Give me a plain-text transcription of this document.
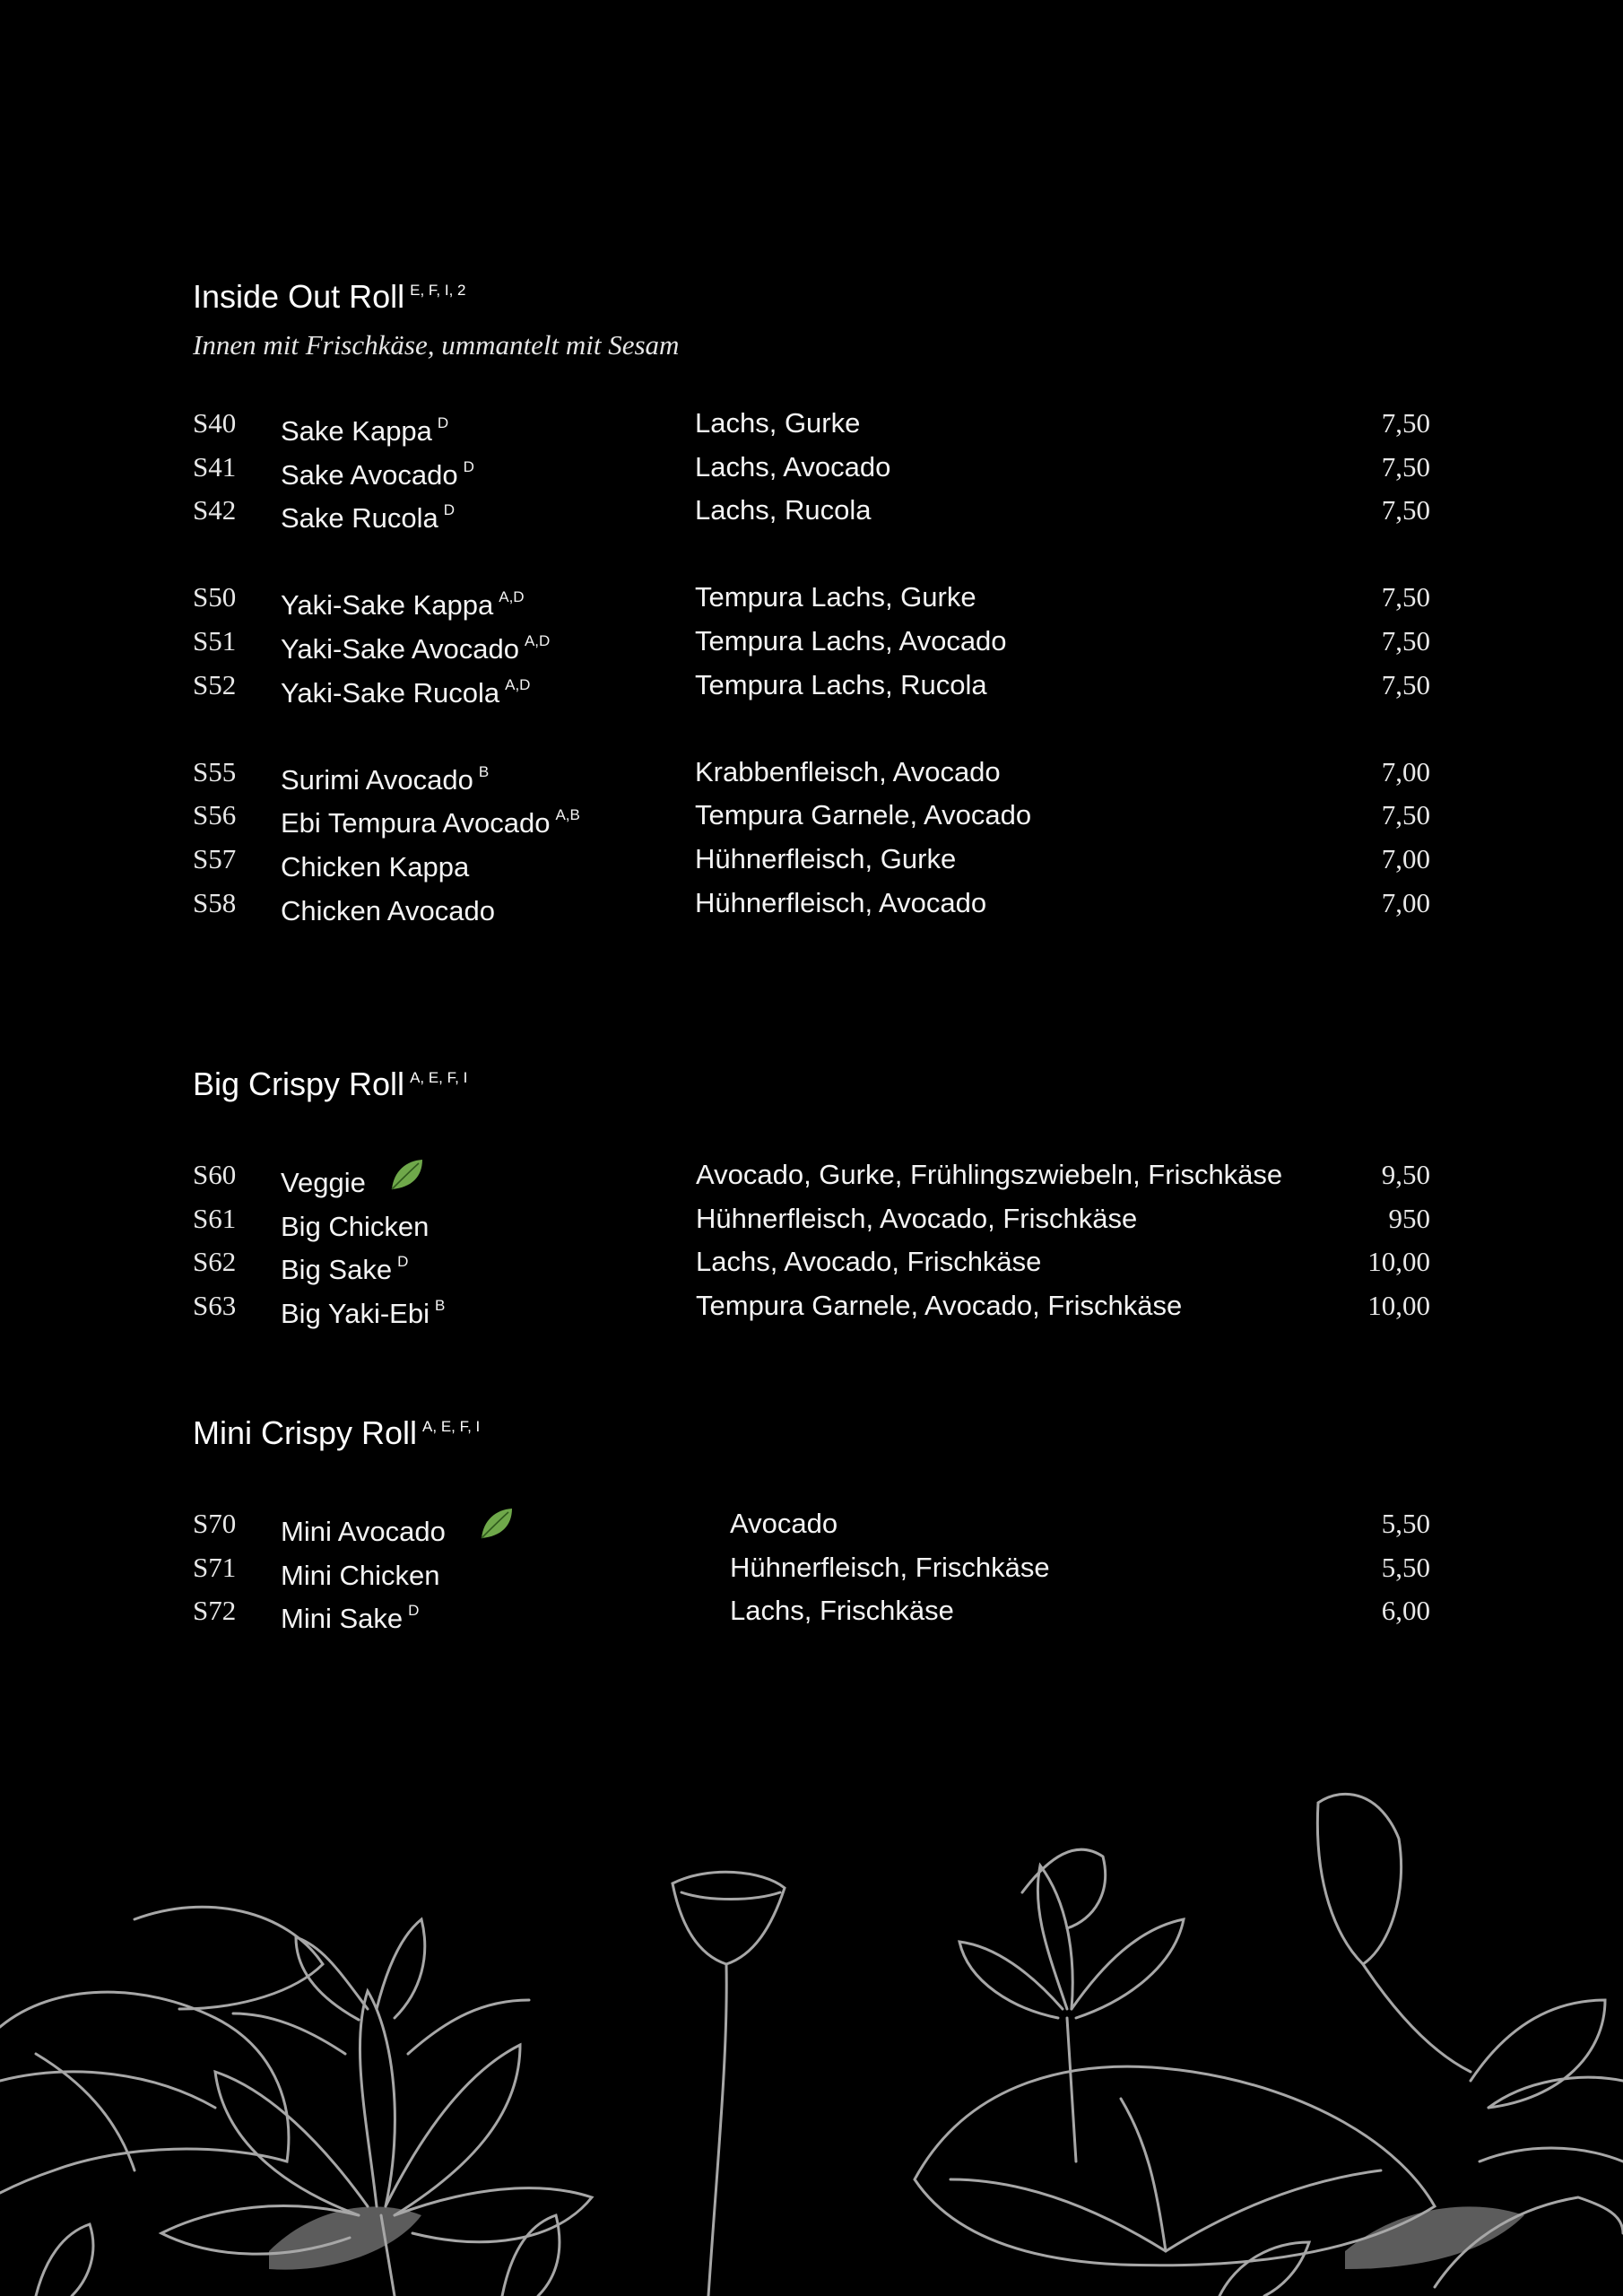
Inside Out Roll $^{E, F, I, 2}$
Innen mit Frischkäse, ummantelt mit Sesam
S40 Sake Kappa $^D$	Lachs, Gurke	7,50
S41 Sake Avocado $^D$	Lachs, Avocado	7,50
S42 Sake Rucola $^D$	Lachs, Rucola	7,50
S50 Yaki-Sake Kappa $^{A,D}$	Tempura Lachs, Gurke	7,50
S51 Yaki-Sake Avocado $^{A,D}$	Tempura Lachs, Avocado	7,50
S52 Yaki-Sake Rucola $^{A,D}$	Tempura Lachs, Rucola	7,50
S55 Surimi Avocado $^B$	Krabbenfleisch, Avocado	7,00
S56 Ebi Tempura Avocado $^{A,B}$	Tempura Garnele, Avocado	7,50
S57 Chicken Kappa	Hühnerfleisch, Gurke	7,00
S58 Chicken Avocado	Hühnerfleisch, Avocado	7,00
Big Crispy Roll $^{A, E, F, I}$
S60 Veggie	Avocado, Gurke, Frühlingszwiebeln, Frischkäse	9,50
S61 Big Chicken	Hühnerfleisch, Avocado, Frischkäse	950
S62 Big Sake $^D$	Lachs, Avocado, Frischkäse	10,00
S63 Big Yaki-Ebi $^B$	Tempura Garnele, Avocado, Frischkäse	10,00
Mini Crispy Roll $^{A, E, F, I}$
S70 Mini Avocado	Avocado	5,50
S71 Mini Chicken	Hühnerfleisch, Frischkäse	5,50
S72 Mini Sake $^D$	Lachs, Frischkäse	6,00
